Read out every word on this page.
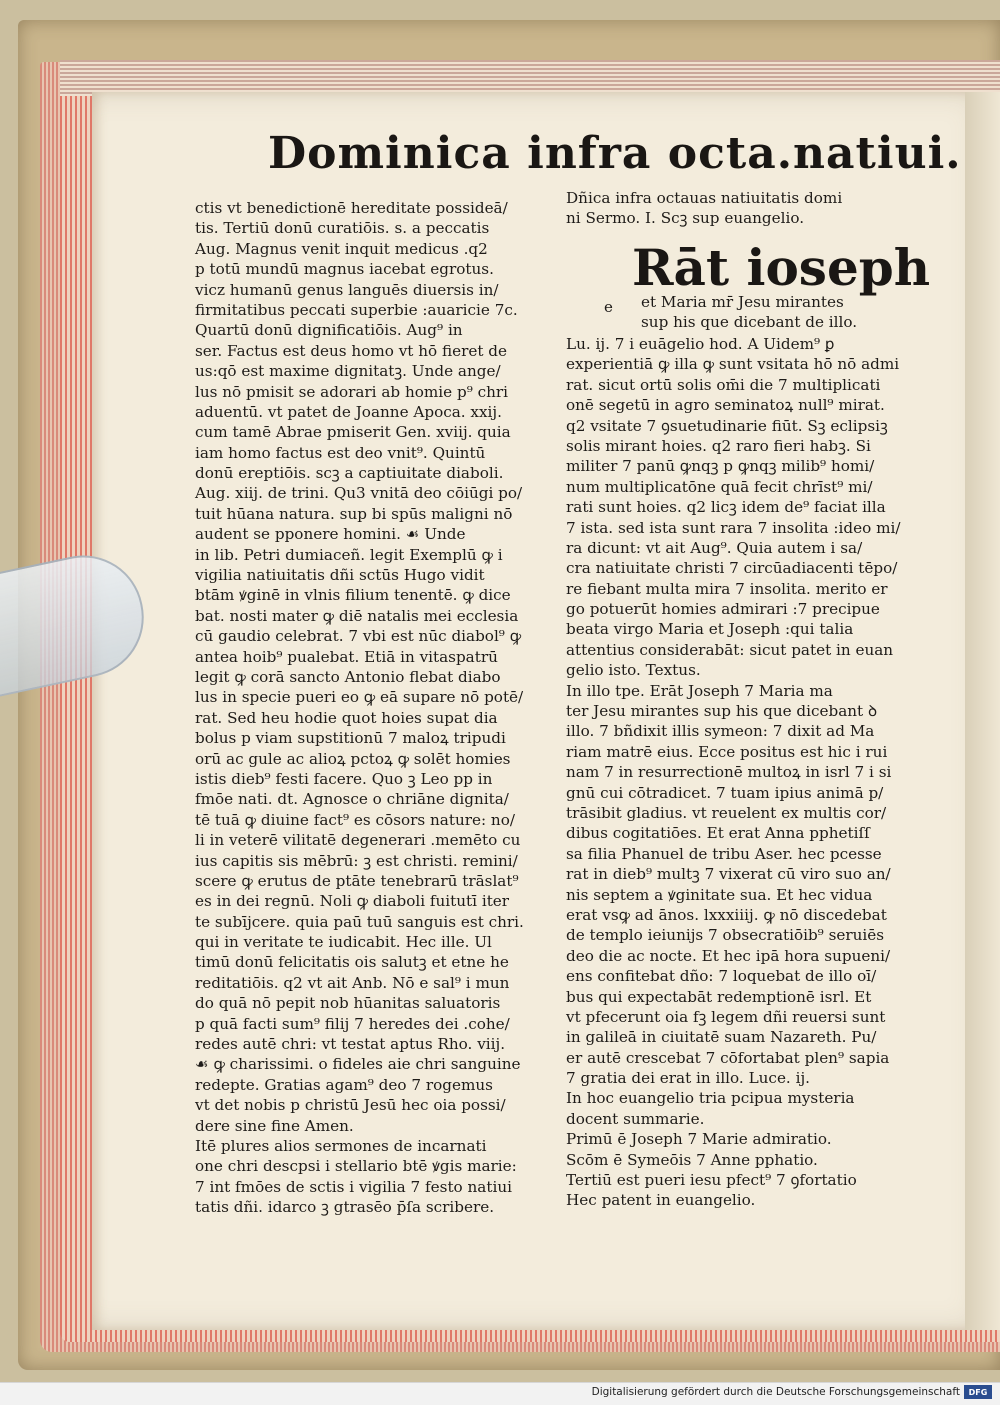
Dominica infra octa.natiui.
ctis vt benedictionē hereditate possideā/
tis. Tertiū donū curatiōis. s. a peccatis
Aug. Magnus venit inquit medicus .q2
p totū mundū magnus iacebat egrotus.
vicz humanū genus languēs diuersis in/
firmitatibus peccati superbie :auaricie 7c.
Quartū donū dignificatiōis. Aug⁹ in
ser. Factus est deus homo vt hō fieret de
us:qō est maxime dignitatꝫ. Unde ange/
lus nō pmisit se adorari ab homie p⁹ chri
aduentū. vt patet de Joanne Apoca. xxij.
cum tamē Abrae pmiserit Gen. xviij. quia
iam homo factus est deo vnit⁹. Quintū
donū ereptiōis. scꝫ a captiuitate diaboli.
Aug. xiij. de trini. Qu3 vnitā deo cōiūgi po/
tuit hūana natura. sup bi spūs maligni nō
audent se pponere homini. ☙ Unde
in lib. Petri dumiaceñ. legit Exemplū ꝙ i
vigilia natiuitatis dñi sctūs Hugo vidit
btām ꝟginē in vlnis filium tenentē. ꝙ dice
bat. nosti mater ꝙ diē natalis mei ecclesia
cū gaudio celebrat. 7 vbi est nūc diabol⁹ ꝙ
antea hoib⁹ pualebat. Etiā in vitaspatrū
legit ꝙ corā sancto Antonio flebat diabo
lus in specie pueri eo ꝙ eā supare nō potē/
rat. Sed heu hodie quot hoies supat dia
bolus p viam supstitionū 7 maloꝝ tripudi
orū ac gule ac alioꝝ pctoꝝ ꝙ solēt homies
istis dieb⁹ festi facere. Quo ꝫ Leo pp in
fmōe nati. dt. Agnosce o chriāne dignita/
tē tuā ꝙ diuine fact⁹ es cōsors nature: no/
li in veterē vilitatē degenerari .memēto cu
ius capitis sis mēbrū: ꝫ est christi. remini/
scere ꝙ erutus de ptāte tenebrarū trāslat⁹
es in dei regnū. Noli ꝙ diaboli fuitutī iter
te subījcere. quia paū tuū sanguis est chri.
qui in veritate te iudicabit. Hec ille. Ul
timū donū felicitatis ois salutꝫ et etne he
reditatiōis. q2 vt ait Anb. Nō e sal⁹ i mun
do quā nō pepit nob hūanitas saluatoris
p quā facti sum⁹ filij 7 heredes dei .cohe/
redes autē chri: vt testat aptus Rho. viij.
☙ ꝙ charissimi. o fideles aie chri sanguine
redepte. Gratias agam⁹ deo 7 rogemus
vt det nobis p christū Jesū hec oia possi/
dere sine fine Amen.
Itē plures alios sermones de incarnati
one chri descpsi i stellario btē ꝟgis marie:
7 int fmōes de sctis i vigilia 7 festo natiui
tatis dñi. idarco ꝫ gtrasēo p̄ſa scribere.
Dñica infra octauas natiuitatis domi
ni Sermo. I. Scꝫ sup euangelio.
Rāt ioseph
e et Maria mr̄ Jesu mirantes
sup his que dicebant de illo.
Lu. ij. 7 i euāgelio hod. A Uidem⁹ ꝑ
experientiā ꝙ illa ꝙ sunt vsitata hō nō admi
rat. sicut ortū solis om̄i die 7 multiplicati
onē segetū in agro seminatoꝝ null⁹ mirat.
q2 vsitate 7 ꝯsuetudinarie fiūt. Sꝫ eclipsiꝫ
solis mirant hoies. q2 raro fieri habꝫ. Si
militer 7 panū ꝙnqꝫ p ꝙnqꝫ milib⁹ homi/
num multiplicatōne quā fecit chrīst⁹ mi/
rati sunt hoies. q2 licꝫ idem de⁹ faciat illa
7 ista. sed ista sunt rara 7 insolita :ideo mi/
ra dicunt: vt ait Aug⁹. Quia autem i sa/
cra natiuitate christi 7 circūadiacenti tēpo/
re fiebant multa mira 7 insolita. merito er
go potuerūt homies admirari :7 precipue
beata virgo Maria et Joseph :qui talia
attentius considerabāt: sicut patet in euan
gelio isto. Textus.
In illo tpe. Erāt Joseph 7 Maria ma
ter Jesu mirantes sup his que dicebant ꝺ
illo. 7 bñdixit illis symeon: 7 dixit ad Ma
riam matrē eius. Ecce positus est hic i rui
nam 7 in resurrectionē multoꝝ in isrl 7 i si
gnū cui cōtradicet. 7 tuam ipius animā p/
trāsibit gladius. vt reuelent ex multis cor/
dibus cogitatiōes. Et erat Anna pphetiſſ
sa filia Phanuel de tribu Aser. hec pcesse
rat in dieb⁹ multꝫ 7 vixerat cū viro suo an/
nis septem a ꝟginitate sua. Et hec vidua
erat vsꝙ ad ānos. lxxxiiij. ꝙ nō discedebat
de templo ieiunijs 7 obsecratiōib⁹ seruiēs
deo die ac nocte. Et hec ipā hora supueni/
ens confitebat dño: 7 loquebat de illo oī/
bus qui expectabāt redemptionē isrl. Et
vt pfecerunt oia fꝫ legem dñi reuersi sunt
in galileā in ciuitatē suam Nazareth. Pu/
er autē crescebat 7 cōfortabat plen⁹ sapia
7 gratia dei erat in illo. Luce. ij.
In hoc euangelio tria pcipua mysteria
docent summarie.
Primū ē Joseph 7 Marie admiratio.
Scōm ē Symeōis 7 Anne pphatio.
Tertiū est pueri iesu pfect⁹ 7 ꝯfortatio
Hec patent in euangelio.
Digitalisierung gefördert durch die Deutsche Forschungsgemeinschaft	DFG
